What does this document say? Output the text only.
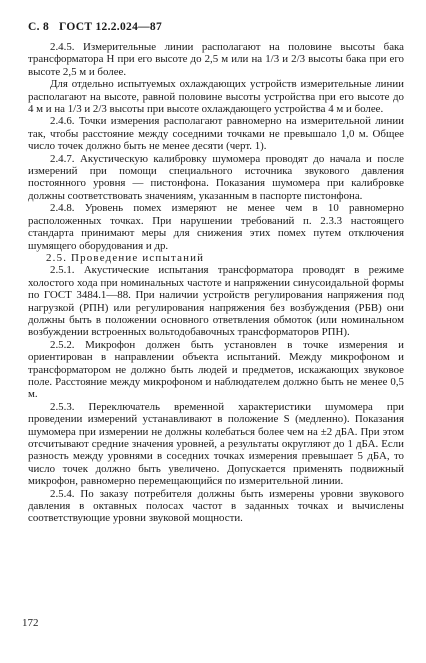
С. 8 ГОСТ 12.2.024—87

2.4.5. Измерительные линии располагают на половине высоты бака трансформатора H при его высоте до 2,5 м или на 1/3 и 2/3 высоты бака при его высоте 2,5 м и более.

Для отдельно испытуемых охлаждающих устройств измерительные линии располагают на высоте, равной половине высоты устройства при его высоте до 4 м и на 1/3 и 2/3 высоты при высоте охлаждающего устройства 4 м и более.

2.4.6. Точки измерения располагают равномерно на измерительной линии так, чтобы расстояние между соседними точками не превышало 1,0 м. Общее число точек должно быть не менее десяти (черт. 1).

2.4.7. Акустическую калибровку шумомера проводят до начала и после измерений при помощи специального источника звукового давления постоянного уровня — пистонфона. Показания шумомера при калибровке должны соответствовать значениям, указанным в паспорте пистонфона.

2.4.8. Уровень помех измеряют не менее чем в 10 равномерно расположенных точках. При нарушении требований п. 2.3.3 настоящего стандарта принимают меры для снижения этих помех путем отключения шумящего оборудования и др.

2.5. Проведение испытаний

2.5.1. Акустические испытания трансформатора проводят в режиме холостого хода при номинальных частоте и напряжении синусоидальной формы по ГОСТ 3484.1—88. При наличии устройств регулирования напряжения под нагрузкой (РПН) или регулирования напряжения без возбуждения (РБВ) они должны быть в положении основного ответвления обмоток (или номинальном возбуждении встроенных вольтодобавочных трансформаторов РПН).

2.5.2. Микрофон должен быть установлен в точке измерения и ориентирован в направлении объекта испытаний. Между микрофоном и трансформатором не должно быть людей и предметов, искажающих звуковое поле. Расстояние между микрофоном и наблюдателем должно быть не менее 0,5 м.

2.5.3. Переключатель временной характеристики шумомера при проведении измерений устанавливают в положение S (медленно). Показания шумомера при измерении не должны колебаться более чем на ±2 дБА. При этом отсчитывают средние значения уровней, а результаты округляют до 1 дБА. Если разность между уровнями в соседних точках измерения превышает 5 дБА, то число точек должно быть увеличено. Допускается применять подвижный микрофон, равномерно перемещающийся по измерительной линии.

2.5.4. По заказу потребителя должны быть измерены уровни звукового давления в октавных полосах частот в заданных точках и вычислены соответствующие уровни звуковой мощности.

172
